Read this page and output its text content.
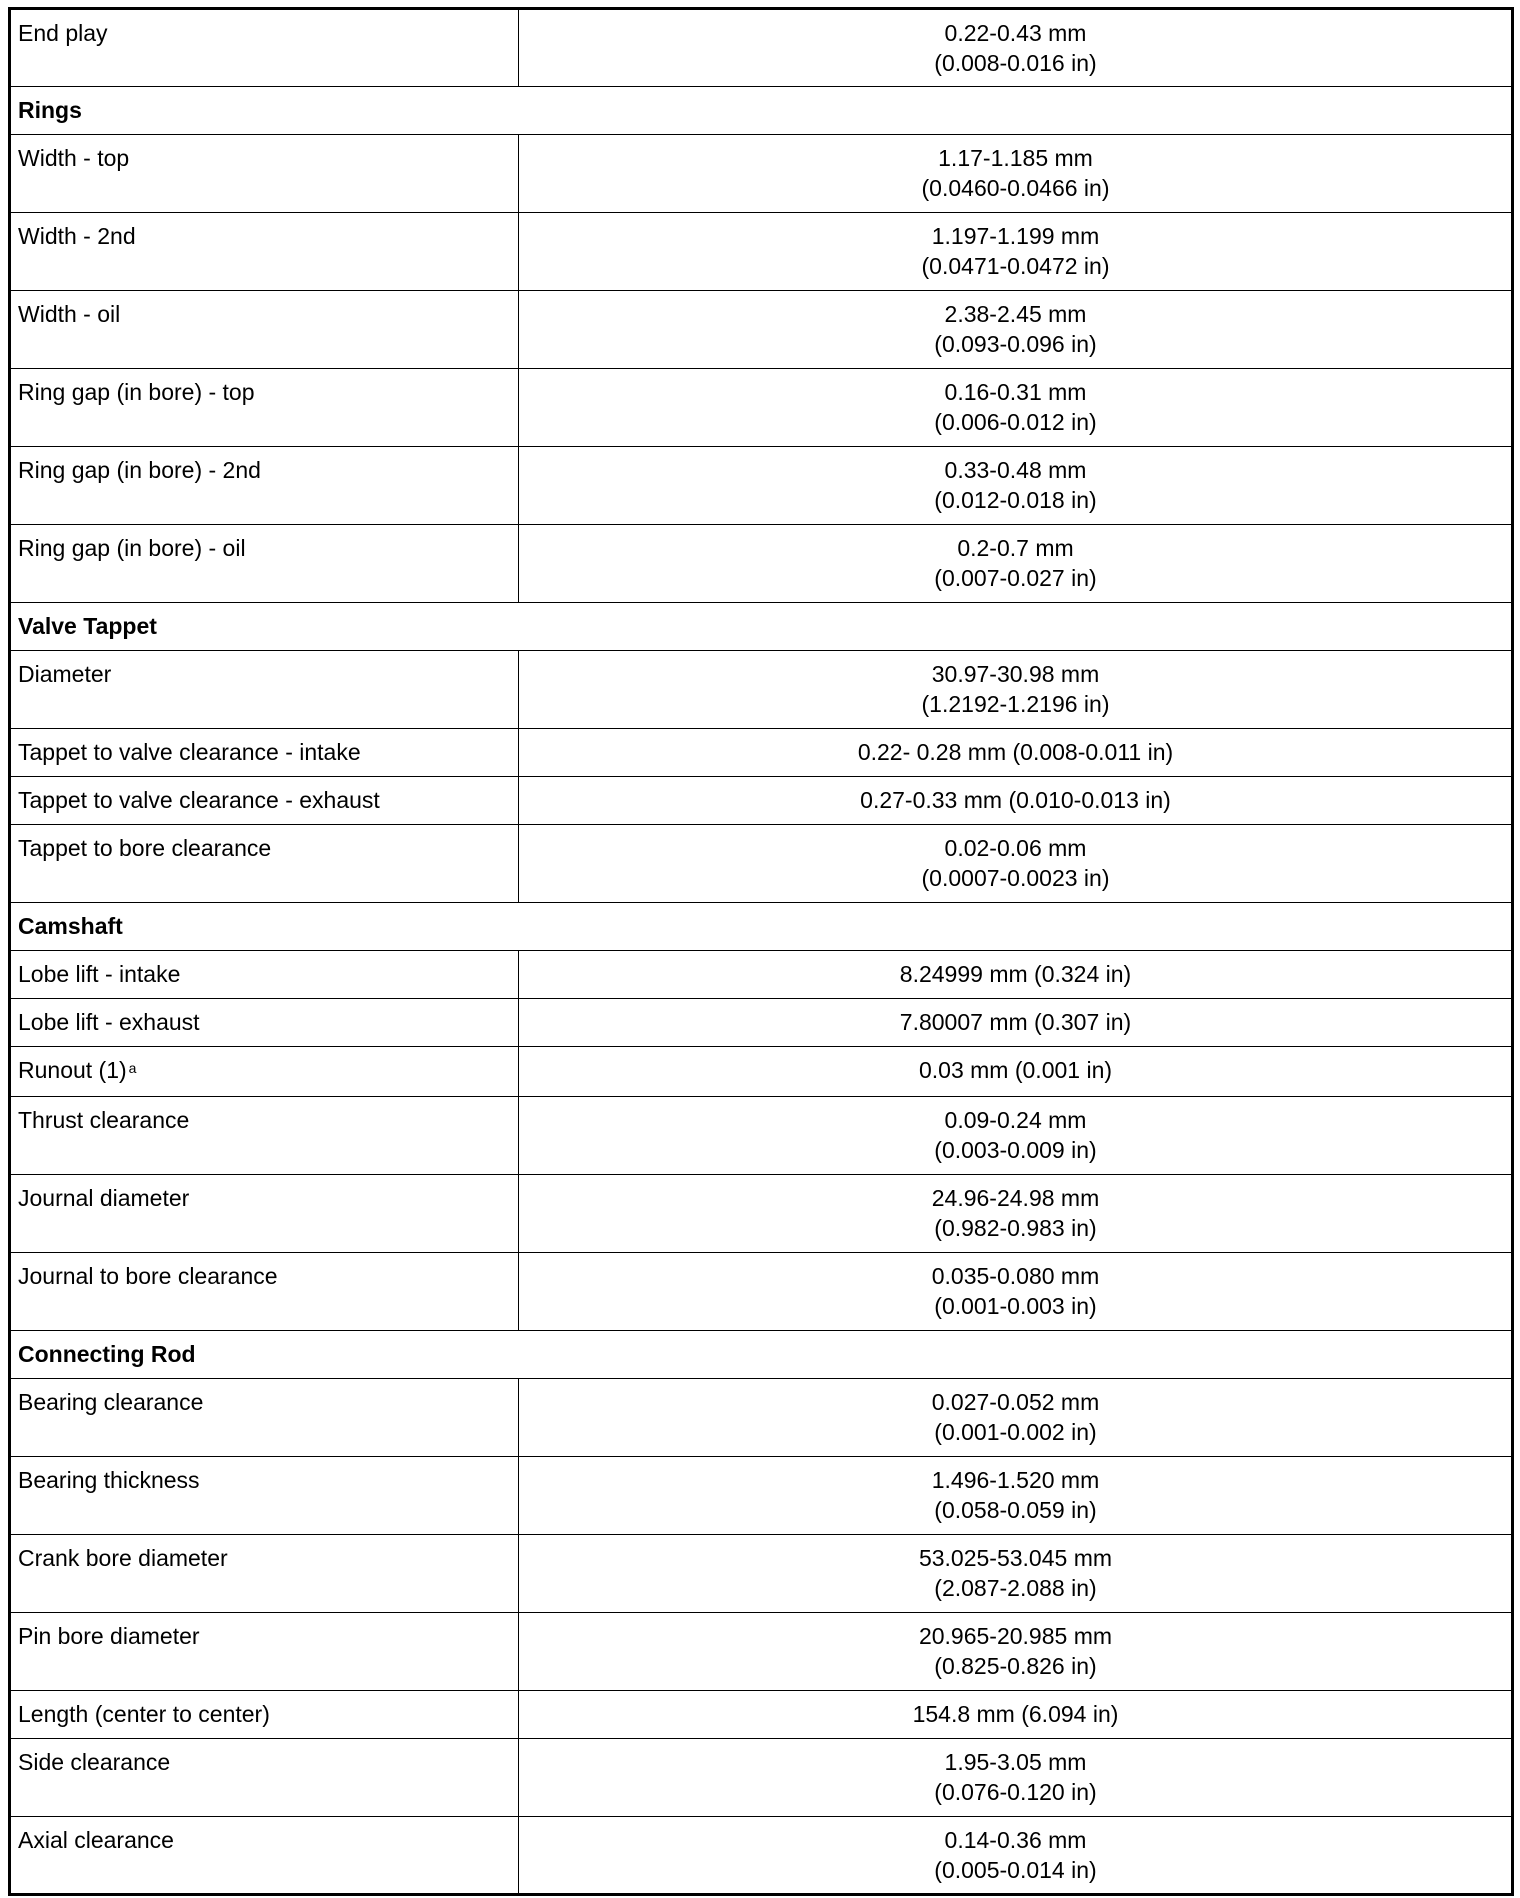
End play	0.22-0.43 mm
(0.008-0.016 in)

Rings	
Width - top	1.17-1.185 mm
(0.0460-0.0466 in)

Width - 2nd	1.197-1.199 mm
(0.0471-0.0472 in)

Width - oil	2.38-2.45 mm
(0.093-0.096 in)

Ring gap (in bore) - top	0.16-0.31 mm
(0.006-0.012 in)

Ring gap (in bore) - 2nd	0.33-0.48 mm
(0.012-0.018 in)

Ring gap (in bore) - oil	0.2-0.7 mm
(0.007-0.027 in)

Valve Tappet	
Diameter	30.97-30.98 mm
(1.2192-1.2196 in)

Tappet to valve clearance - intake	0.22- 0.28 mm (0.008-0.011 in)

Tappet to valve clearance - exhaust	0.27-0.33 mm (0.010-0.013 in)

Tappet to bore clearance	0.02-0.06 mm
(0.0007-0.0023 in)

Camshaft	
Lobe lift - intake	8.24999 mm (0.324 in)

Lobe lift - exhaust	7.80007 mm (0.307 in)

Runout (1) $^a$	0.03 mm (0.001 in)

Thrust clearance	0.09-0.24 mm
(0.003-0.009 in)

Journal diameter	24.96-24.98 mm
(0.982-0.983 in)

Journal to bore clearance	0.035-0.080 mm
(0.001-0.003 in)

Connecting Rod	
Bearing clearance	0.027-0.052 mm
(0.001-0.002 in)

Bearing thickness	1.496-1.520 mm
(0.058-0.059 in)

Crank bore diameter	53.025-53.045 mm
(2.087-2.088 in)

Pin bore diameter	20.965-20.985 mm
(0.825-0.826 in)

Length (center to center)	154.8 mm (6.094 in)

Side clearance	1.95-3.05 mm
(0.076-0.120 in)

Axial clearance	0.14-0.36 mm
(0.005-0.014 in)
